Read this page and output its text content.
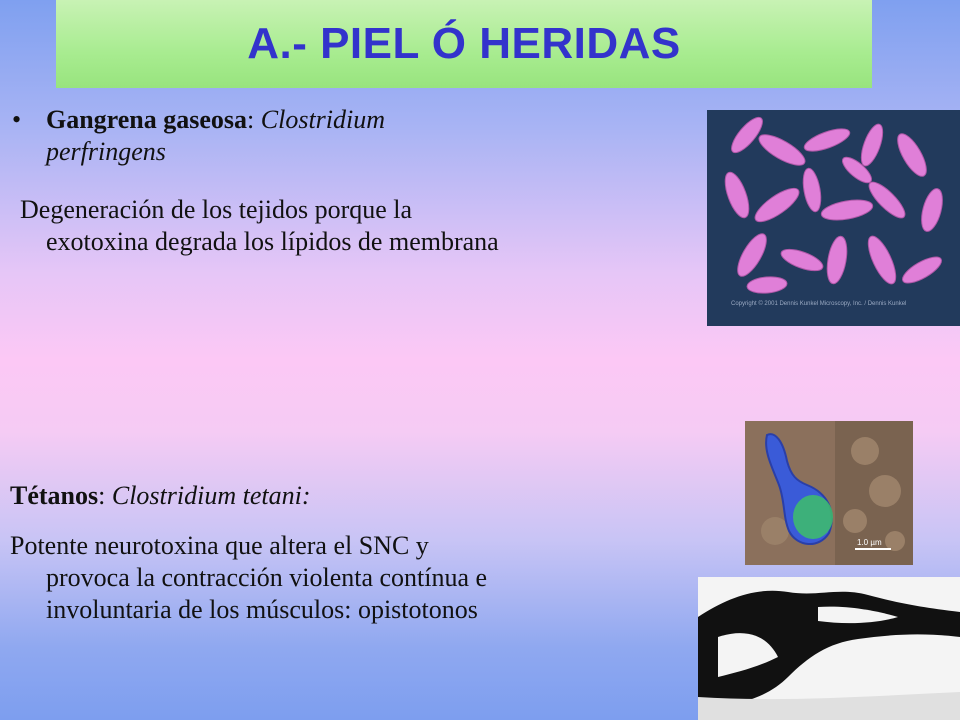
A.- PIEL Ó HERIDAS
• Gangrena gaseosa: Clostridium
perfringens
Degeneración de los tejidos porque la
exotoxina degrada los lípidos de membrana
Tétanos: Clostridium tetani:
Potente neurotoxina que altera el SNC y
provoca la contracción violenta contínua e
involuntaria de los músculos: opistotonos
Copyright © 2001 Dennis Kunkel Microscopy, Inc. / Dennis Kunkel
1.0 µm
